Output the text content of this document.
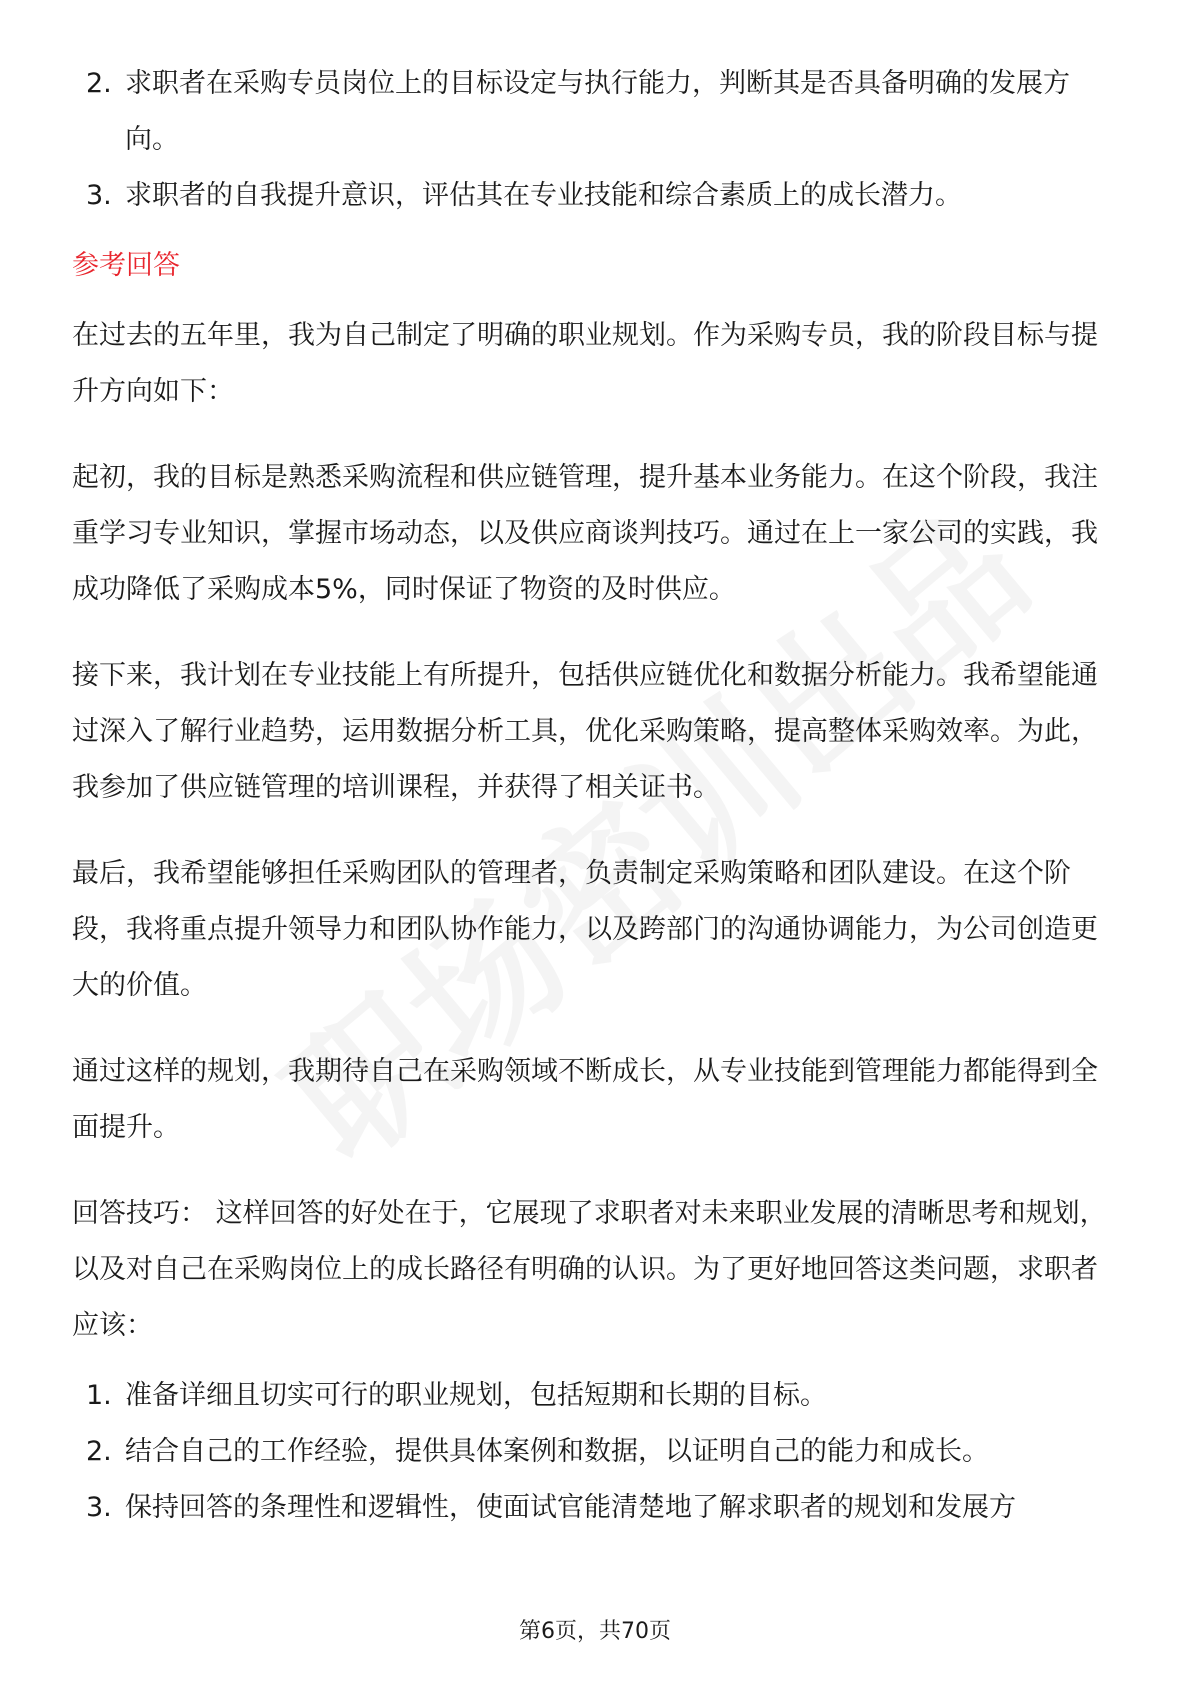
2. 求职者在采购专员岗位上的目标设定与执行能力，判断其是否具备明确的发展方向。
3. 求职者的自我提升意识，评估其在专业技能和综合素质上的成长潜力。
参考回答

在过去的五年里，我为自己制定了明确的职业规划。作为采购专员，我的阶段目标与提升方向如下：

起初，我的目标是熟悉采购流程和供应链管理，提升基本业务能力。在这个阶段，我注重学习专业知识，掌握市场动态，以及供应商谈判技巧。通过在上一家公司的实践，我成功降低了采购成本5%，同时保证了物资的及时供应。

接下来，我计划在专业技能上有所提升，包括供应链优化和数据分析能力。我希望能通过深入了解行业趋势，运用数据分析工具，优化采购策略，提高整体采购效率。为此，我参加了供应链管理的培训课程，并获得了相关证书。

最后，我希望能够担任采购团队的管理者，负责制定采购策略和团队建设。在这个阶段，我将重点提升领导力和团队协作能力，以及跨部门的沟通协调能力，为公司创造更大的价值。

通过这样的规划，我期待自己在采购领域不断成长，从专业技能到管理能力都能得到全面提升。

回答技巧： 这样回答的好处在于，它展现了求职者对未来职业发展的清晰思考和规划，以及对自己在采购岗位上的成长路径有明确的认识。为了更好地回答这类问题，求职者应该：

1. 准备详细且切实可行的职业规划，包括短期和长期的目标。
2. 结合自己的工作经验，提供具体案例和数据，以证明自己的能力和成长。
3. 保持回答的条理性和逻辑性，使面试官能清楚地了解求职者的规划和发展方
第6页，共70页
